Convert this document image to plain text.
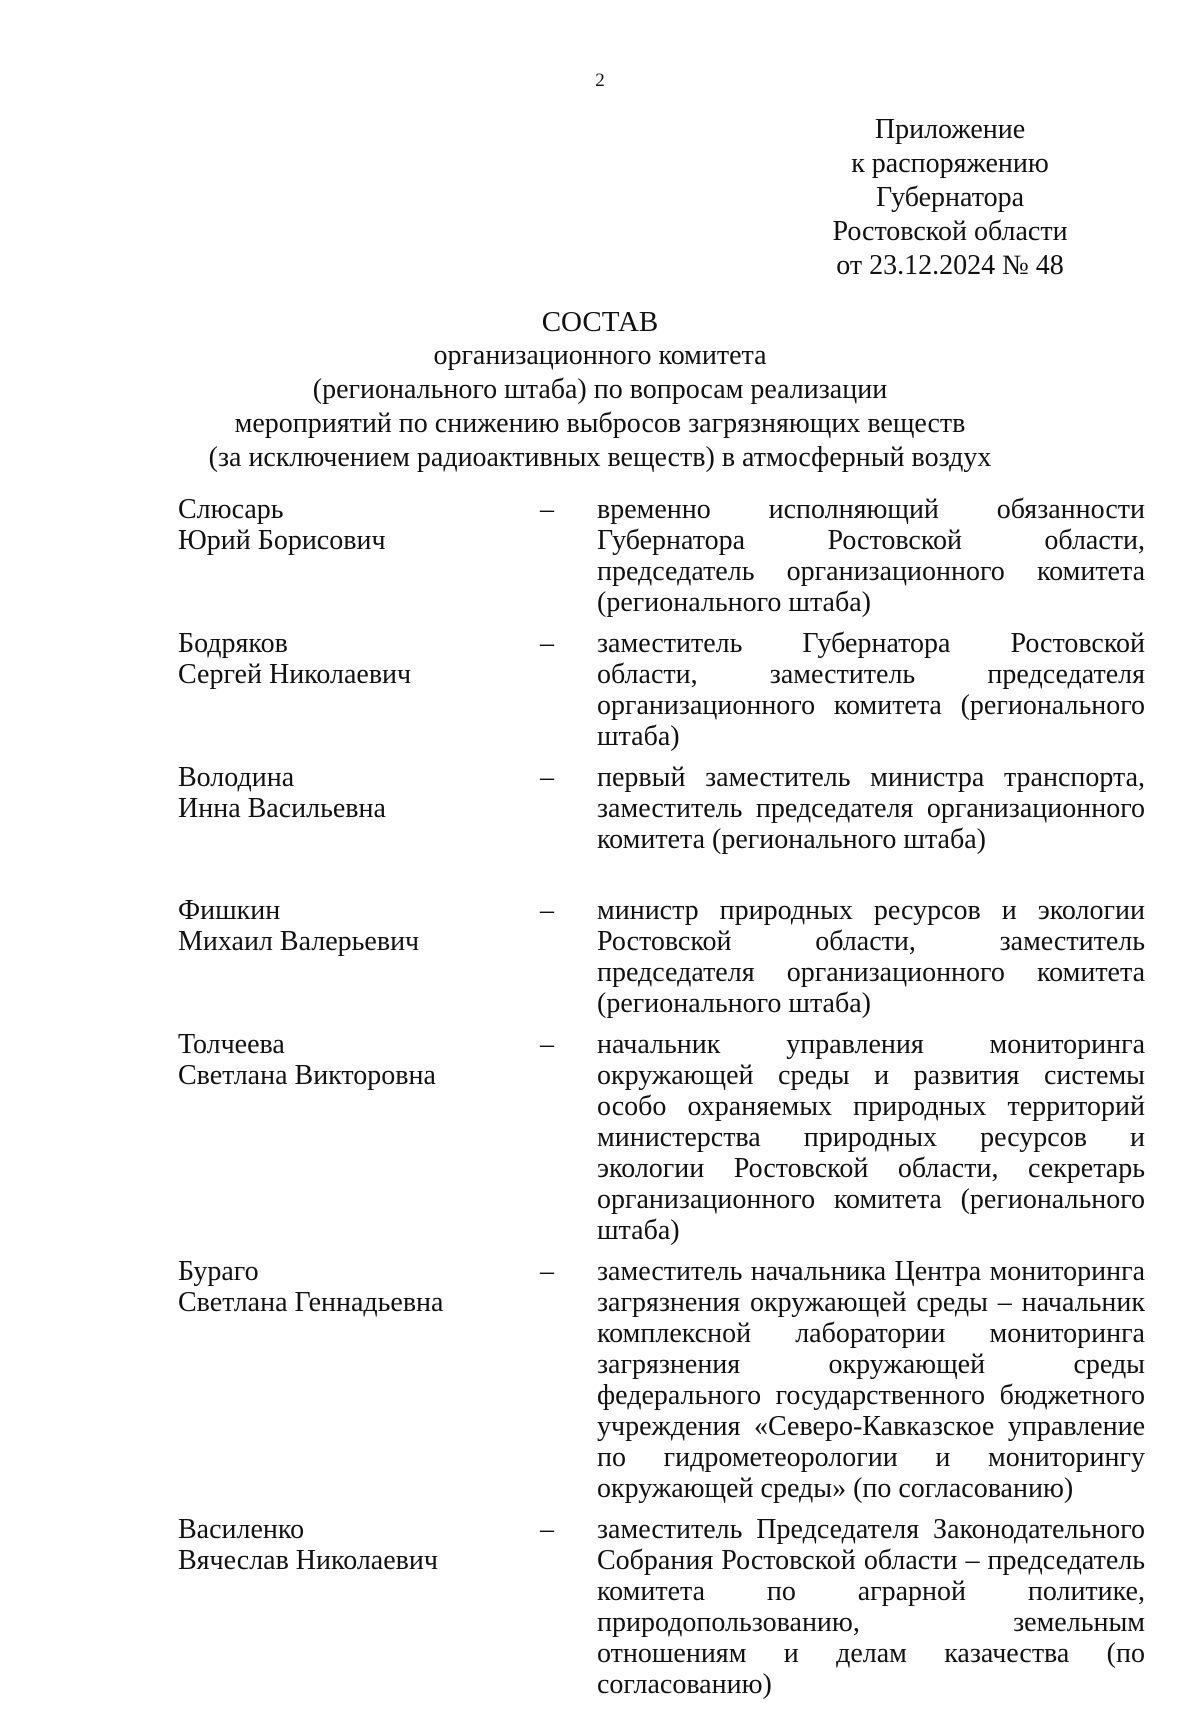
2
Приложение
к распоряжению
Губернатора
Ростовской области
от 23.12.2024 № 48
СОСТАВ
организационного комитета
(регионального штаба) по вопросам реализации
мероприятий по снижению выбросов загрязняющих веществ
(за исключением радиоактивных веществ) в атмосферный воздух
Слюсарь
Юрий Борисович
–	временно исполняющий обязанности Губернатора Ростовской области, председатель организационного комитета (регионального штаба)
Бодряков
Сергей Николаевич
–	заместитель Губернатора Ростовской области, заместитель председателя организационного комитета (регионального штаба)
Володина
Инна Васильевна
–	первый заместитель министра транспорта, заместитель председателя организационного комитета (регионального штаба)
Фишкин
Михаил Валерьевич
–	министр природных ресурсов и экологии Ростовской области, заместитель председателя организационного комитета (регионального штаба)
Толчеева
Светлана Викторовна
–	начальник управления мониторинга окружающей среды и развития системы особо охраняемых природных территорий министерства природных ресурсов и экологии Ростовской области, секретарь организационного комитета (регионального штаба)
Бураго
Светлана Геннадьевна
–	заместитель начальника Центра мониторинга загрязнения окружающей среды – начальник комплексной лаборатории мониторинга загрязнения окружающей среды федерального государственного бюджетного учреждения «Северо-Кавказское управление по гидрометеорологии и мониторингу окружающей среды» (по согласованию)
Василенко
Вячеслав Николаевич
–	заместитель Председателя Законодательного Собрания Ростовской области – председатель комитета по аграрной политике, природопользованию, земельным отношениям и делам казачества (по согласованию)
